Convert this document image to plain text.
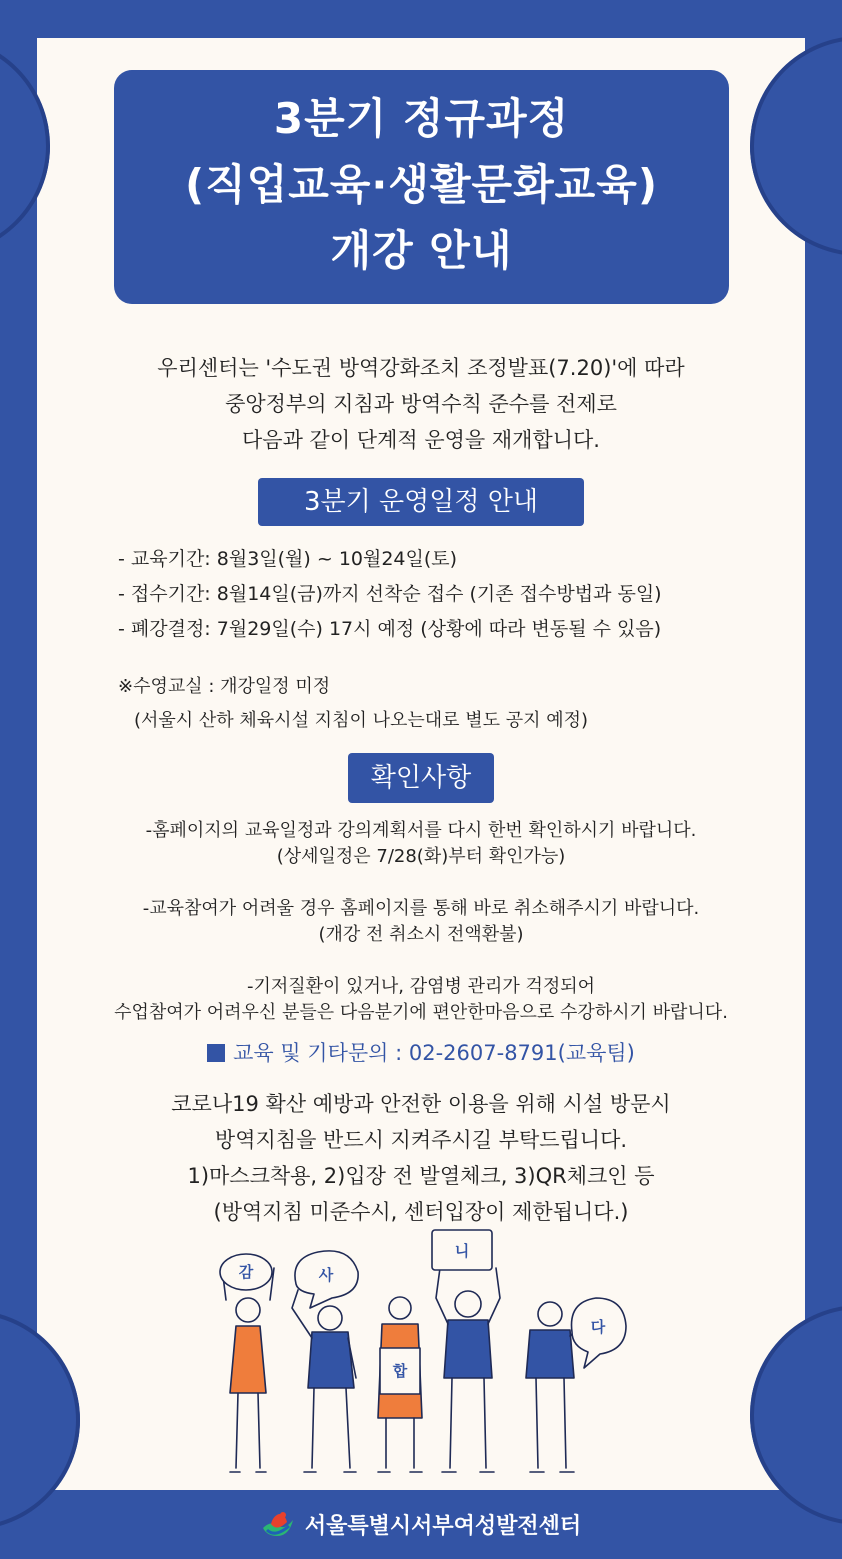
3분기 정규과정
(직업교육·생활문화교육)
개강 안내

우리센터는 '수도권 방역강화조치 조정발표(7.20)'에 따라

중앙정부의 지침과 방역수칙 준수를 전제로

다음과 같이 단계적 운영을 재개합니다.

3분기 운영일정 안내

- 교육기간: 8월3일(월) ~ 10월24일(토)

- 접수기간: 8월14일(금)까지 선착순 접수 (기존 접수방법과 동일)

- 폐강결정: 7월29일(수) 17시 예정 (상황에 따라 변동될 수 있음)

※수영교실 : 개강일정 미정

(서울시 산하 체육시설 지침이 나오는대로 별도 공지 예정)

확인사항

-홈페이지의 교육일정과 강의계획서를 다시 한번 확인하시기 바랍니다.

(상세일정은 7/28(화)부터 확인가능)

-교육참여가 어려울 경우 홈페이지를 통해 바로 취소해주시기 바랍니다.

(개강 전 취소시 전액환불)

-기저질환이 있거나, 감염병 관리가 걱정되어

수업참여가 어려우신 분들은 다음분기에 편안한마음으로 수강하시기 바랍니다.

교육 및 기타문의 : 02-2607-8791(교육팀)

코로나19 확산 예방과 안전한 이용을 위해 시설 방문시

방역지침을 반드시 지켜주시길 부탁드립니다.

1)마스크착용, 2)입장 전 발열체크, 3)QR체크인 등

(방역지침 미준수시, 센터입장이 제한됩니다.)

감	사
합
니
다
서울특별시서부여성발전센터
